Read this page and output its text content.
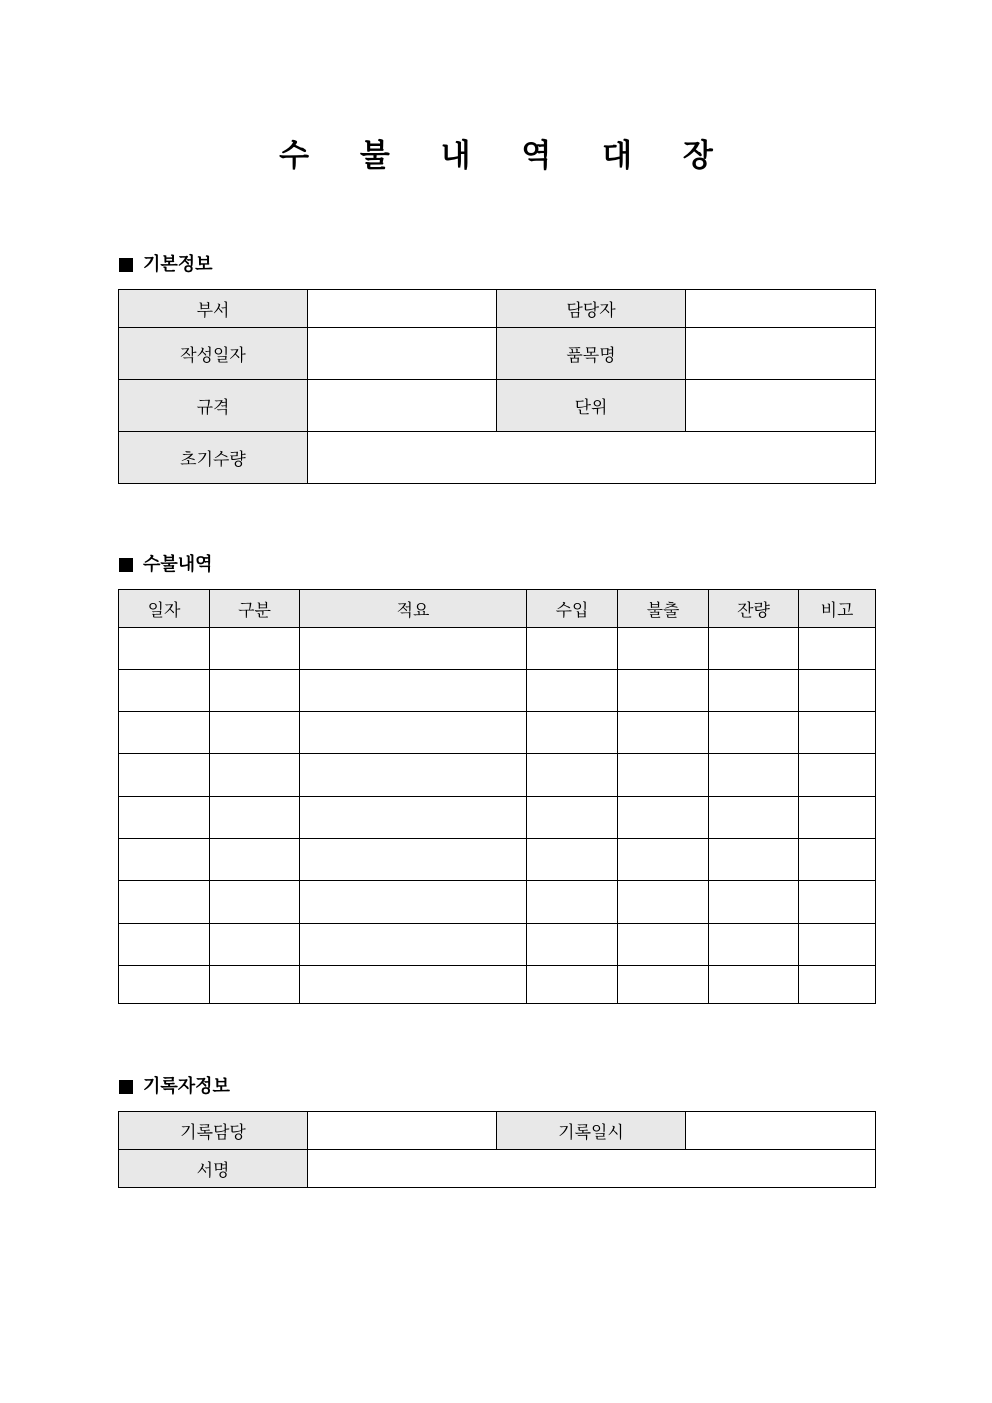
수 불 내 역 대 장
기본정보
부서		담당자	
작성일자		품목명	
규격		단위	
초기수량			
수불내역
일자	구분	적요	수입	불출	잔량	비고

기록자정보
기록담당		기록일시	
서명			
